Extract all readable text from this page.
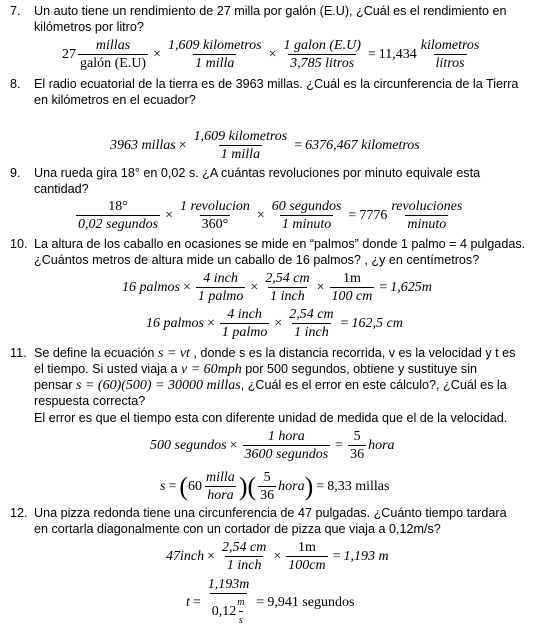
7. Un auto tiene un rendimiento de 27 milla por galón (E.U), ¿Cuál es el rendimiento en
kilómetros por litro?
$27 \frac{\text{millas}}{\text{galón (E.U)}} \times \frac{\text{1,609 kilometros}}{\text{1 milla}} \times \frac{\text{1 galon (E.U)}}{\text{3,785 litros}} = 11,434 \frac{\text{kilometros}}{\text{litros}}$
8. El radio ecuatorial de la tierra es de 3963 millas. ¿Cuál es la circunferencia de la Tierra
en kilómetros en el ecuador?
3963 millas × $\frac{\text{1,609 kilometros}}{\text{1 milla}} = 6376,467$ kilometros
9. Una rueda gira 18° en 0,02 s. ¿A cuántas revoluciones por minuto equivale esta
cantidad?
$\frac{18^\circ}{\text{0,02 segundos}} \times \frac{\text{1 revolucion}}{360^\circ} \times \frac{\text{60 segundos}}{\text{1 minuto}} = 7776 \frac{\text{revoluciones}}{\text{minuto}}$
10. La altura de los caballo en ocasiones se mide en “palmos” donde 1 palmo = 4 pulgadas.
¿Cuántos metros de altura mide un caballo de 16 palmos? , ¿y en centímetros?
16 palmos × $\frac{\text{4 inch}}{\text{1 palmo}} \times \frac{2,54 cm}{\text{1 inch}} \times \frac{1m}{100 cm} = 1,625m$
16 palmos × $\frac{\text{4 inch}}{\text{1 palmo}} \times \frac{2,54 cm}{\text{1 inch}} = 162,5$ cm
11. Se define la ecuación s = vt , donde s es la distancia recorrida, v es la velocidad y t es
el tiempo. Si usted viaja a v = 60mph por 500 segundos, obtiene y sustituye sin
pensar s = (60)(500) = 30000 millas, ¿Cuál es el error en este cálculo?, ¿Cuál es la
respuesta correcta?
El error es que el tiempo esta con diferente unidad de medida que el de la velocidad.
500 segundos × $\frac{\text{1 hora}}{\text{3600 segundos}} = \frac{5}{36}$ hora
s = ( $60 \frac{\text{milla}}{\text{hora}}$ ) ( $\frac{5}{36}$ hora ) = 8,33 millas
12. Una pizza redonda tiene una circunferencia de 47 pulgadas. ¿Cuánto tiempo tardara
en cortarla diagonalmente con un cortador de pizza que viaja a 0,12m/s?
47inch × $\frac{2,54 cm}{\text{1 inch}} \times \frac{1m}{100cm} = 1,193$ m
t = 1,193m
0,12
m
s = 9,941 segundos
